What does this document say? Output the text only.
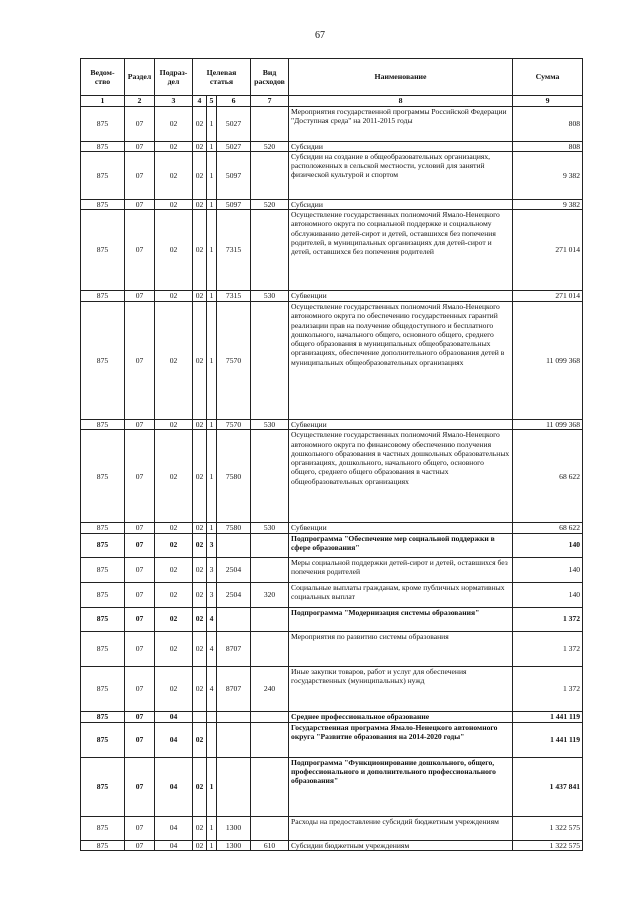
67
Ведом-ство	Раздел	Подраз-дел	Целевая статья			Вид расходов	Наименование	Сумма
1	2	3	4	5	6	7	8	9
875	07	02	02	1	5027		Мероприятия государственной программы Российской Федерации "Доступная среда" на 2011-2015 годы	808
875	07	02	02	1	5027	520	Субсидии	808
875	07	02	02	1	5097		Субсидии на создание в общеобразовательных организациях, расположенных в сельской местности, условий для занятий физической культурой и спортом	9 382
875	07	02	02	1	5097	520	Субсидии	9 382
875	07	02	02	1	7315		Осуществление государственных полномочий Ямало-Ненецкого автономного округа по социальной поддержке и социальному обслуживанию детей-сирот и детей, оставшихся без попечения родителей, в муниципальных организациях для детей-сирот и детей, оставшихся без попечения родителей	271 014
875	07	02	02	1	7315	530	Субвенции	271 014
875	07	02	02	1	7570		Осуществление государственных полномочий Ямало-Ненецкого автономного округа по обеспечению государственных гарантий реализации прав на получение общедоступного и бесплатного дошкольного, начального общего, основного общего, среднего общего образования в муниципальных общеобразовательных организациях, обеспечение дополнительного образования детей в муниципальных общеобразовательных организациях	11 099 368
875	07	02	02	1	7570	530	Субвенции	11 099 368
875	07	02	02	1	7580		Осуществление государственных полномочий Ямало-Ненецкого автономного округа по финансовому обеспечению получения дошкольного образования в частных дошкольных образовательных организациях, дошкольного, начального общего, основного общего, среднего общего образования в частных общеобразовательных организациях	68 622
875	07	02	02	1	7580	530	Субвенции	68 622
875	07	02	02	3			Подпрограмма "Обеспечение мер социальной поддержки в сфере образования"	140
875	07	02	02	3	2504		Меры социальной поддержки детей-сирот и детей, оставшихся без попечения родителей	140
875	07	02	02	3	2504	320	Социальные выплаты гражданам, кроме публичных нормативных социальных выплат	140
875	07	02	02	4			Подпрограмма "Модернизация системы образования"	1 372
875	07	02	02	4	8707		Мероприятия по развитию системы образования	1 372
875	07	02	02	4	8707	240	Иные закупки товаров, работ и услуг для обеспечения государственных (муниципальных) нужд	1 372
875	07	04					Среднее профессиональное образование	1 441 119
875	07	04	02				Государственная программа Ямало-Ненецкого автономного округа "Развитие образования на 2014-2020 годы"	1 441 119
875	07	04	02	1			Подпрограмма "Функционирование дошкольного, общего, профессионального и дополнительного профессионального образования"	1 437 841
875	07	04	02	1	1300		Расходы на предоставление субсидий бюджетным учреждениям	1 322 575
875	07	04	02	1	1300	610	Субсидии бюджетным учреждениям	1 322 575
